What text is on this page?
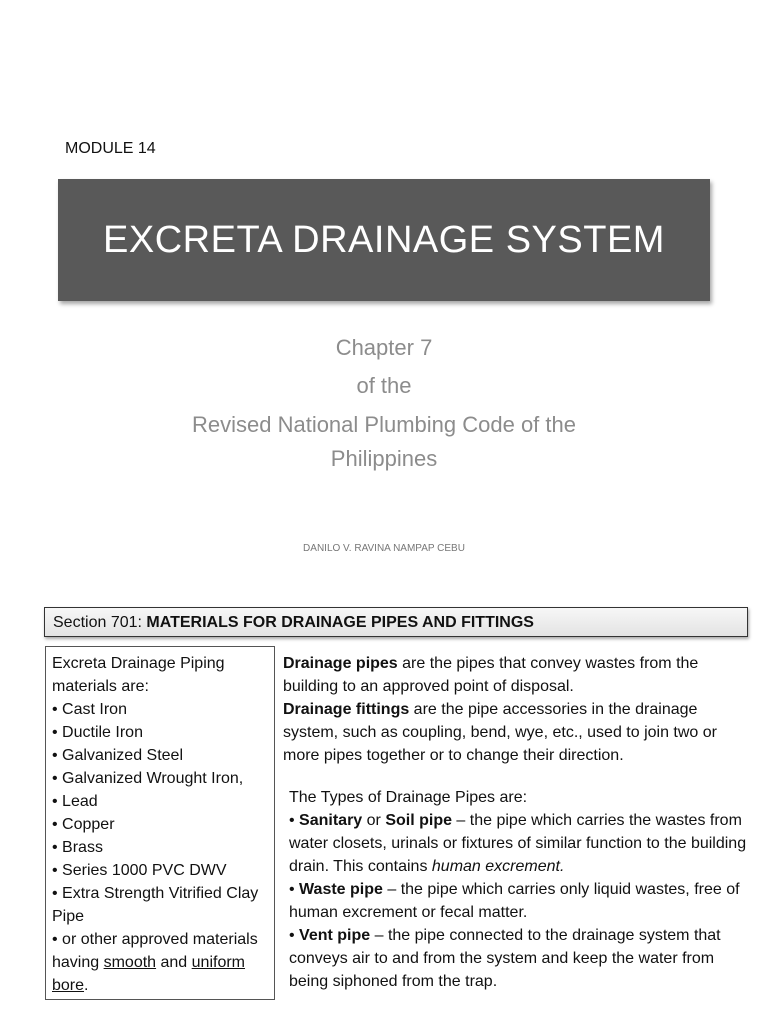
MODULE 14
EXCRETA DRAINAGE SYSTEM
Chapter 7
of the
Revised National Plumbing Code of the
Philippines
DANILO V. RAVINA NAMPAP CEBU
Section 701: MATERIALS FOR DRAINAGE PIPES AND FITTINGS

Excreta Drainage Piping materials are:

• Cast Iron
• Ductile Iron
• Galvanized Steel
• Galvanized Wrought Iron,
• Lead
• Copper
• Brass
• Series 1000 PVC DWV
• Extra Strength Vitrified Clay Pipe
• or other approved materials having smooth and uniform bore.

Drainage pipes are the pipes that convey wastes from the building to an approved point of disposal.

Drainage fittings are the pipe accessories in the drainage system, such as coupling, bend, wye, etc., used to join two or more pipes together or to change their direction.

The Types of Drainage Pipes are:

• Sanitary or Soil pipe – the pipe which carries the wastes from water closets, urinals or fixtures of similar function to the building drain. This contains human excrement.

• Waste pipe – the pipe which carries only liquid wastes, free of human excrement or fecal matter.

• Vent pipe – the pipe connected to the drainage system that conveys air to and from the system and keep the water from being siphoned from the trap.
